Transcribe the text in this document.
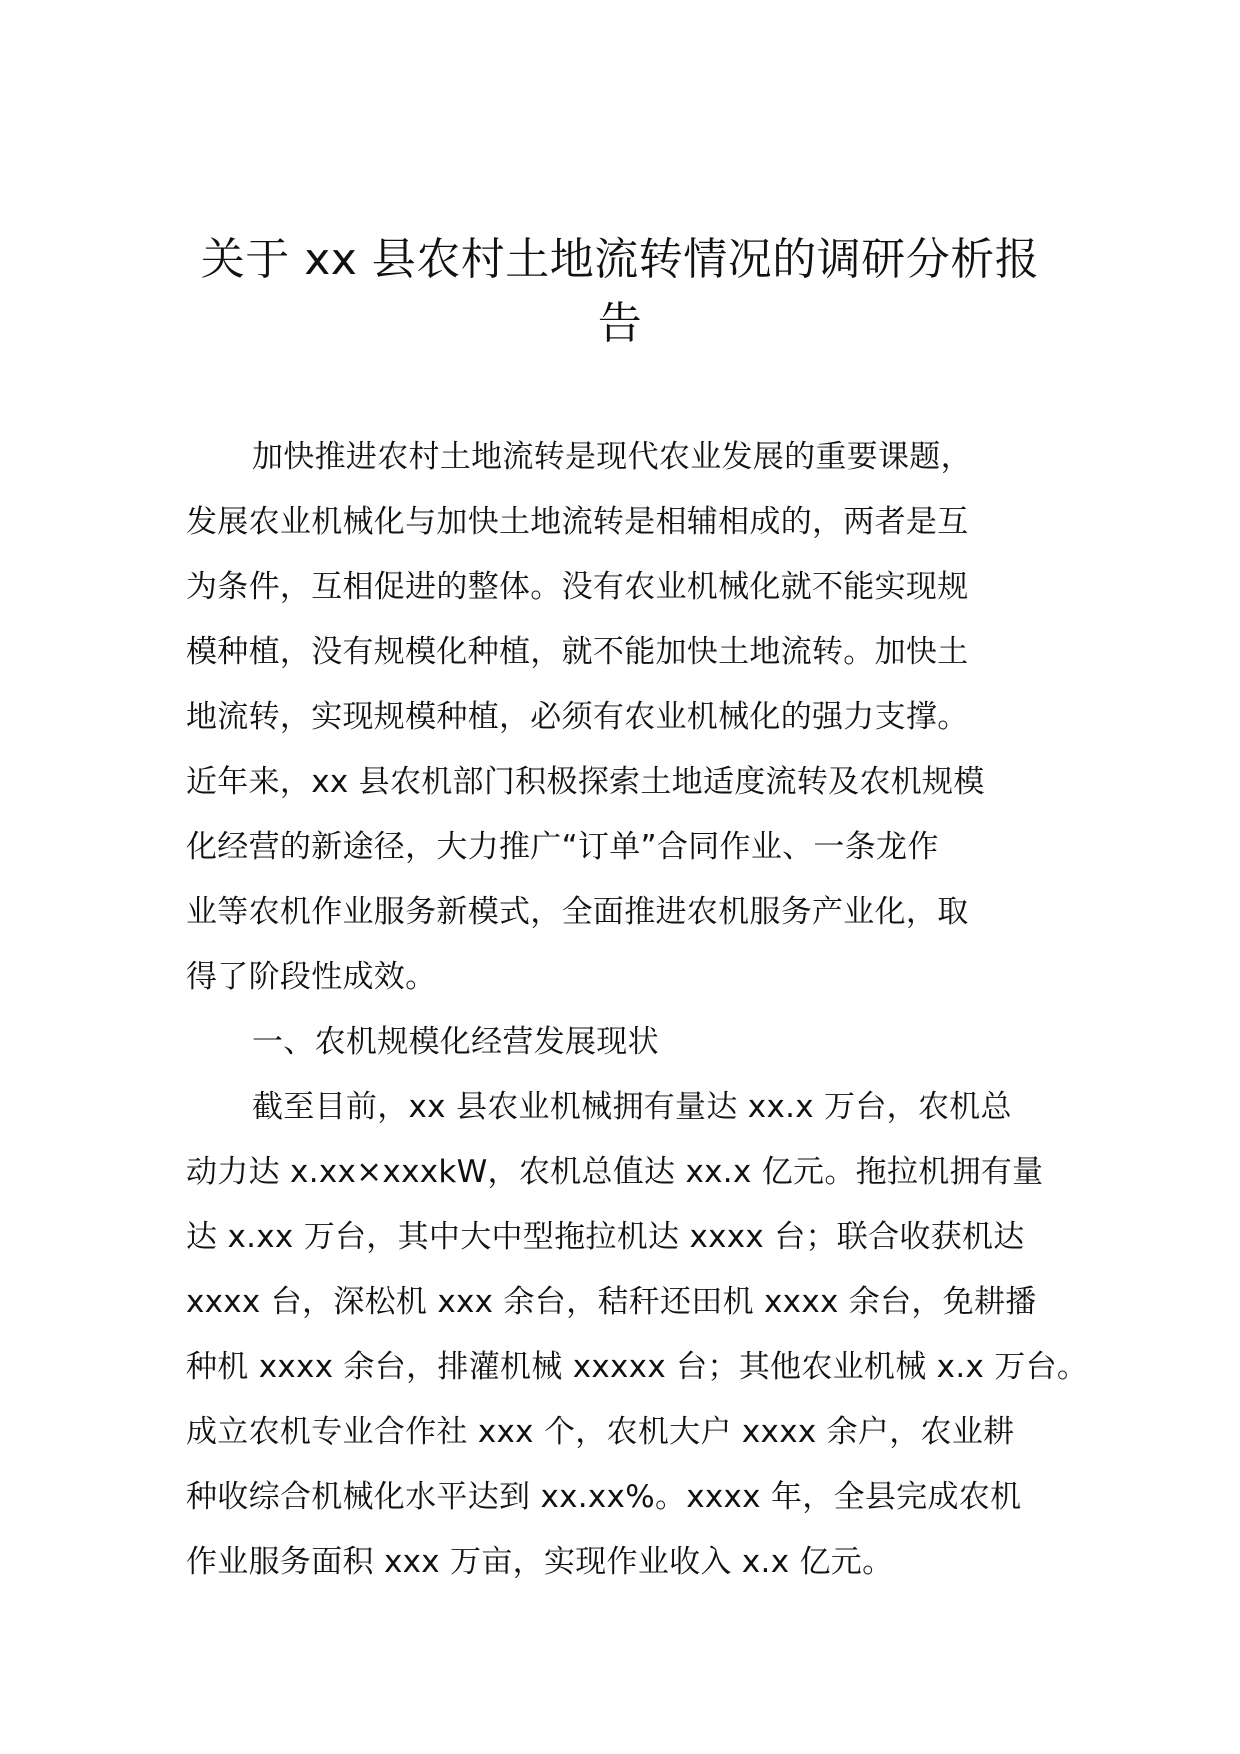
关于 xx 县农村土地流转情况的调研分析报
告
加快推进农村土地流转是现代农业发展的重要课题，
发展农业机械化与加快土地流转是相辅相成的，两者是互
为条件，互相促进的整体。没有农业机械化就不能实现规
模种植，没有规模化种植，就不能加快土地流转。加快土
地流转，实现规模种植，必须有农业机械化的强力支撑。
近年来，xx 县农机部门积极探索土地适度流转及农机规模
化经营的新途径，大力推广“订单”合同作业、一条龙作
业等农机作业服务新模式，全面推进农机服务产业化，取
得了阶段性成效。
一、农机规模化经营发展现状
截至目前，xx 县农业机械拥有量达 xx.x 万台，农机总
动力达 x.xx×xxxkW，农机总值达 xx.x 亿元。拖拉机拥有量
达 x.xx 万台，其中大中型拖拉机达 xxxx 台；联合收获机达
xxxx 台，深松机 xxx 余台，秸秆还田机 xxxx 余台，免耕播
种机 xxxx 余台，排灌机械 xxxxx 台；其他农业机械 x.x 万台。
成立农机专业合作社 xxx 个，农机大户 xxxx 余户，农业耕
种收综合机械化水平达到 xx.xx%。xxxx 年，全县完成农机
作业服务面积 xxx 万亩，实现作业收入 x.x 亿元。
